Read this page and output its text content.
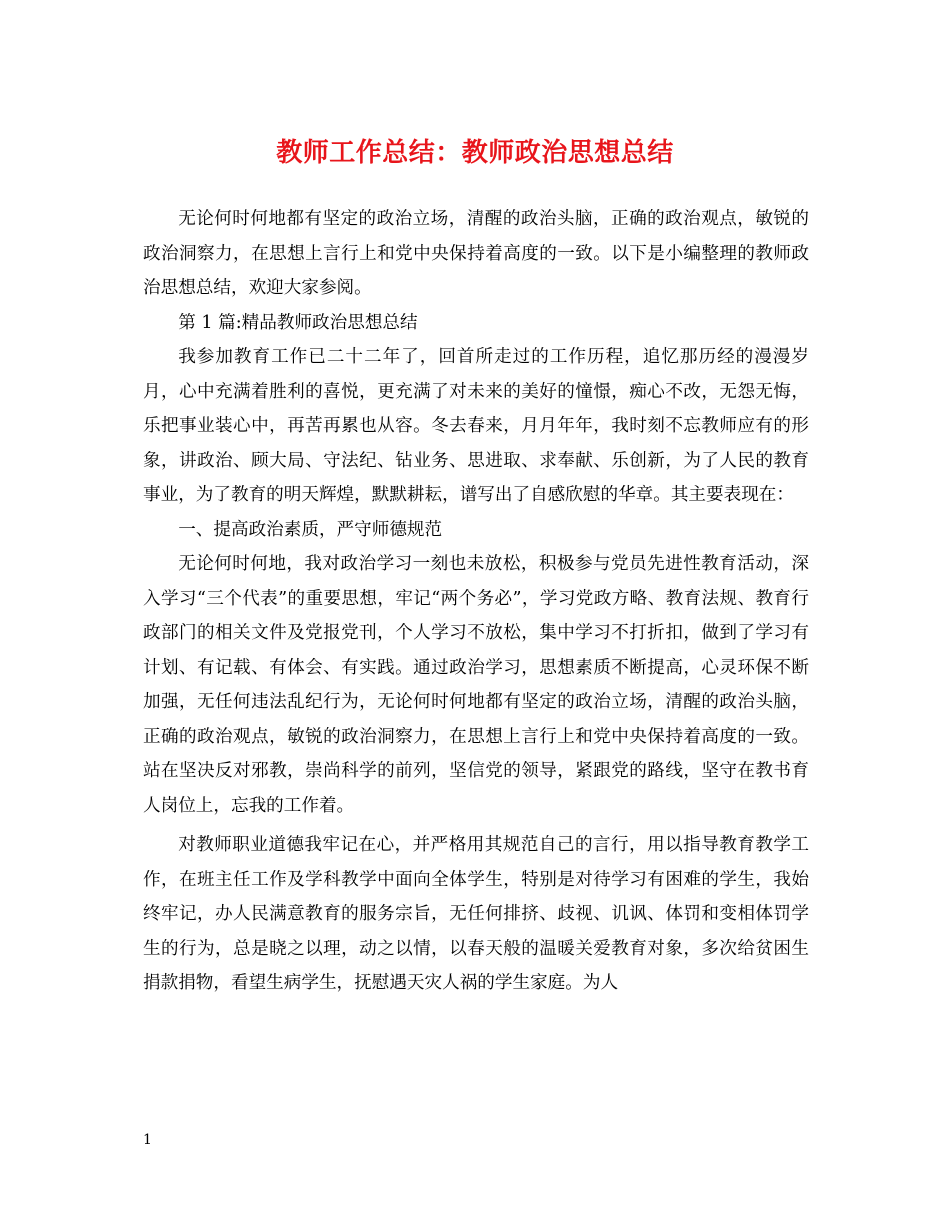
教师工作总结：教师政治思想总结

无论何时何地都有坚定的政治立场，清醒的政治头脑，正确的政治观点，敏锐的政治洞察力，在思想上言行上和党中央保持着高度的一致。以下是小编整理的教师政治思想总结，欢迎大家参阅。

第 1 篇:精品教师政治思想总结

我参加教育工作已二十二年了，回首所走过的工作历程，追忆那历经的漫漫岁月，心中充满着胜利的喜悦，更充满了对未来的美好的憧憬，痴心不改，无怨无悔，乐把事业装心中，再苦再累也从容。冬去春来，月月年年，我时刻不忘教师应有的形象，讲政治、顾大局、守法纪、钻业务、思进取、求奉献、乐创新，为了人民的教育事业，为了教育的明天辉煌，默默耕耘，谱写出了自感欣慰的华章。其主要表现在：

一、提高政治素质，严守师德规范

无论何时何地，我对政治学习一刻也未放松，积极参与党员先进性教育活动，深入学习“三个代表”的重要思想，牢记“两个务必”，学习党政方略、教育法规、教育行政部门的相关文件及党报党刊，个人学习不放松，集中学习不打折扣，做到了学习有计划、有记载、有体会、有实践。通过政治学习，思想素质不断提高，心灵环保不断加强，无任何违法乱纪行为，无论何时何地都有坚定的政治立场，清醒的政治头脑，正确的政治观点，敏锐的政治洞察力，在思想上言行上和党中央保持着高度的一致。站在坚决反对邪教，崇尚科学的前列，坚信党的领导，紧跟党的路线，坚守在教书育人岗位上，忘我的工作着。

对教师职业道德我牢记在心，并严格用其规范自己的言行，用以指导教育教学工作，在班主任工作及学科教学中面向全体学生，特别是对待学习有困难的学生，我始终牢记，办人民满意教育的服务宗旨，无任何排挤、歧视、讥讽、体罚和变相体罚学生的行为，总是晓之以理，动之以情，以春天般的温暖关爱教育对象，多次给贫困生捐款捐物，看望生病学生，抚慰遇天灾人祸的学生家庭。为人

1
